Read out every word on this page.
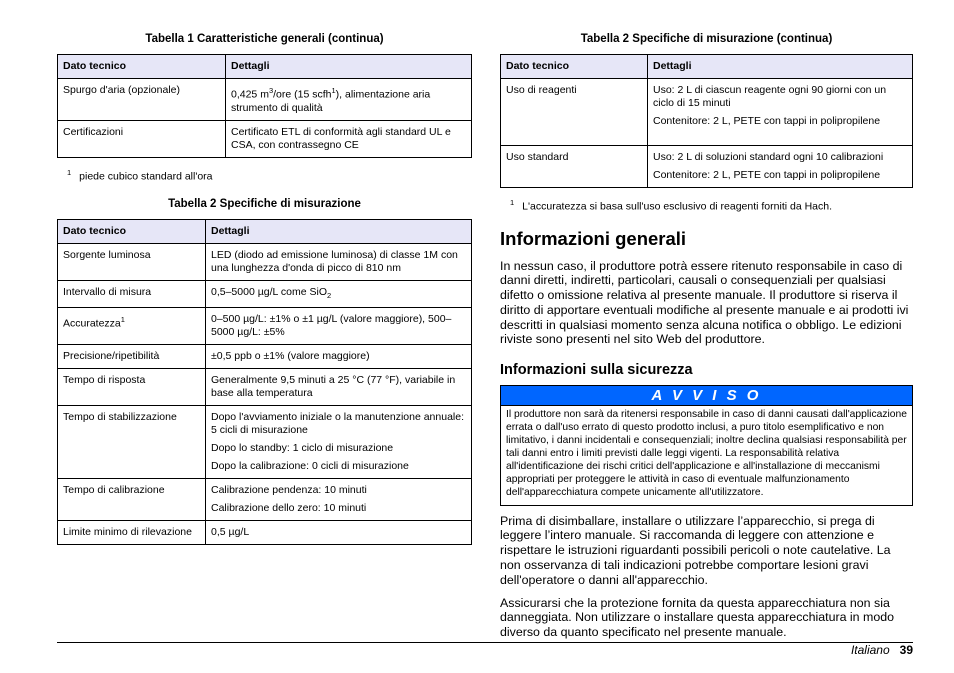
Tabella 1 Caratteristiche generali (continua)
Dato tecnico	Dettagli
Spurgo d'aria (opzionale)	0,425 $m^3$/ore (15 scfh$^1$), alimentazione aria strumento di qualità
Certificazioni	Certificato ETL di conformità agli standard UL e CSA, con contrassegno CE
$^1$ piede cubico standard all'ora
Tabella 2 Specifiche di misurazione
Dato tecnico	Dettagli
Sorgente luminosa	LED (diodo ad emissione luminosa) di classe 1M con una lunghezza d'onda di picco di 810 nm

Intervallo di misura	0,5–5000 µg/L come SiO$_2$
Accuratezza$^1$	0–500 µg/L: ±1% o ±1 µg/L (valore maggiore), 500–5000 µg/L: ±5%

Precisione/ripetibilità	±0,5 ppb o ±1% (valore maggiore)

Tempo di risposta	Generalmente 9,5 minuti a 25 °C (77 °F), variabile in base alla temperatura

Tempo di stabilizzazione	Dopo l'avviamento iniziale o la manutenzione annuale: 5 cicli di misurazione

Dopo lo standby: 1 ciclo di misurazione

Dopo la calibrazione: 0 cicli di misurazione

Tempo di calibrazione	Calibrazione pendenza: 10 minuti

Calibrazione dello zero: 10 minuti

Limite minimo di rilevazione	0,5 µg/L

Tabella 2 Specifiche di misurazione (continua)
Dato tecnico	Dettagli
Uso di reagenti	Uso: 2 L di ciascun reagente ogni 90 giorni con un ciclo di 15 minuti

Contenitore: 2 L, PETE con tappi in polipropilene

Uso standard	Uso: 2 L di soluzioni standard ogni 10 calibrazioni

Contenitore: 2 L, PETE con tappi in polipropilene

$^1$ L'accuratezza si basa sull'uso esclusivo di reagenti forniti da Hach.
Informazioni generali

In nessun caso, il produttore potrà essere ritenuto responsabile in caso di danni diretti, indiretti, particolari, causali o consequenziali per qualsiasi difetto o omissione relativa al presente manuale. Il produttore si riserva il diritto di apportare eventuali modifiche al presente manuale e ai prodotti ivi descritti in qualsiasi momento senza alcuna notifica o obbligo. Le edizioni riviste sono presenti nel sito Web del produttore.

Informazioni sulla sicurezza
A V V I S O
Il produttore non sarà da ritenersi responsabile in caso di danni causati dall'applicazione errata o dall'uso errato di questo prodotto inclusi, a puro titolo esemplificativo e non limitativo, i danni incidentali e consequenziali; inoltre declina qualsiasi responsabilità per tali danni entro i limiti previsti dalle leggi vigenti. La responsabilità relativa all'identificazione dei rischi critici dell'applicazione e all'installazione di meccanismi appropriati per proteggere le attività in caso di eventuale malfunzionamento dell'apparecchiatura compete unicamente all'utilizzatore.

Prima di disimballare, installare o utilizzare l’apparecchio, si prega di leggere l’intero manuale. Si raccomanda di leggere con attenzione e rispettare le istruzioni riguardanti possibili pericoli o note cautelative. La non osservanza di tali indicazioni potrebbe comportare lesioni gravi dell'operatore o danni all'apparecchio.

Assicurarsi che la protezione fornita da questa apparecchiatura non sia danneggiata. Non utilizzare o installare questa apparecchiatura in modo diverso da quanto specificato nel presente manuale.

Italiano 39
